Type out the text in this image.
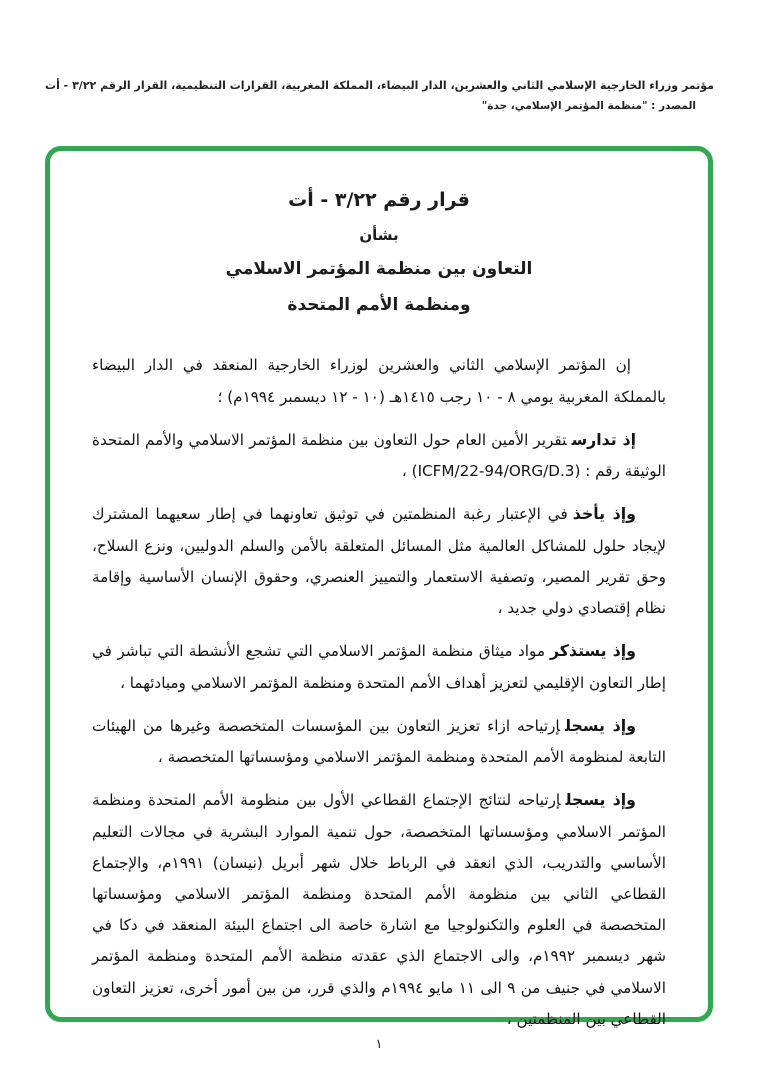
مؤتمر وزراء الخارجية الإسلامي الثاني والعشرين، الدار البيضاء، المملكة المغربية، القرارات التنظيمية، القرار الرقم ٣/٢٢ - أت
المصدر : "منظمة المؤتمر الإسلامي، جدة"
قرار رقم ٣/٢٢ - أت
بشأن
التعاون بين منظمة المؤتمر الاسلامي
ومنظمة الأمم المتحدة

إن المؤتمر الإسلامي الثاني والعشرين لوزراء الخارجية المنعقد في الدار البيضاء بالمملكة المغربية يومي ٨ - ١٠ رجب ١٤١٥هـ (١٠ - ١٢ ديسمبر ١٩٩٤م) ؛

إذ تدارستقرير الأمين العام حول التعاون بين منظمة المؤتمر الاسلامي والأمم المتحدة الوثيقة رقم : (ICFM/22-94/ORG/D.3) ،

وإذ يأخذفي الإعتبار رغبة المنظمتين في توثيق تعاونهما في إطار سعيهما المشترك لإيجاد حلول للمشاكل العالمية مثل المسائل المتعلقة بالأمن والسلم الدوليين، ونزع السلاح، وحق تقرير المصير، وتصفية الاستعمار والتمييز العنصري، وحقوق الإنسان الأساسية وإقامة نظام إقتصادي دولي جديد ،

وإذ يستذكرمواد ميثاق منظمة المؤتمر الاسلامي التي تشجع الأنشطة التي تباشر في إطار التعاون الإقليمي لتعزيز أهداف الأمم المتحدة ومنظمة المؤتمر الاسلامي ومبادئهما ،

وإذ يسجلإرتياحه ازاء تعزيز التعاون بين المؤسسات المتخصصة وغيرها من الهيئات التابعة لمنظومة الأمم المتحدة ومنظمة المؤتمر الاسلامي ومؤسساتها المتخصصة ،

وإذ يسجلإرتياحه لنتائج الإجتماع القطاعي الأول بين منظومة الأمم المتحدة ومنظمة المؤتمر الاسلامي ومؤسساتها المتخصصة، حول تنمية الموارد البشرية في مجالات التعليم الأساسي والتدريب، الذي انعقد في الرباط خلال شهر أبريل (نيسان) ١٩٩١م، والإجتماع القطاعي الثاني بين منظومة الأمم المتحدة ومنظمة المؤتمر الاسلامي ومؤسساتها المتخصصة في العلوم والتكنولوجيا مع اشارة خاصة الى اجتماع البيئة المنعقد في دكا في شهر ديسمبر ١٩٩٢م، والى الاجتماع الذي عقدته منظمة الأمم المتحدة ومنظمة المؤتمر الاسلامي في جنيف من ٩ الى ١١ مايو ١٩٩٤م والذي قرر، من بين أمور أخرى، تعزيز التعاون القطاعي بين المنظمتين ،

١
